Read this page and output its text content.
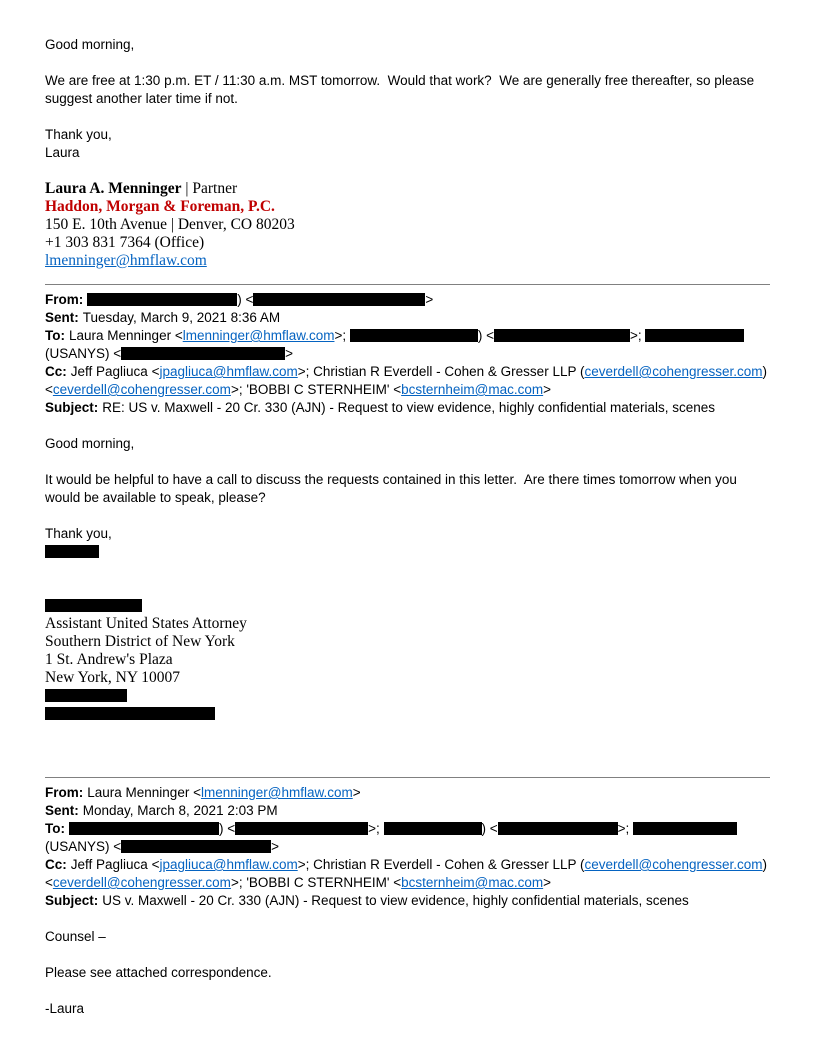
Good morning,
We are free at 1:30 p.m. ET / 11:30 a.m. MST tomorrow.  Would that work?  We are generally free thereafter, so please suggest another later time if not.
Thank you,
Laura
Laura A. Menninger | Partner
Haddon, Morgan & Foreman, P.C.
150 E. 10th Avenue | Denver, CO 80203
+1 303 831 7364 (Office)
lmenninger@hmflaw.com
From:	) <	>
Sent: Tuesday, March 9, 2021 8:36 AM
To: Laura Menninger <lmenninger@hmflaw.com>;	) <	>;
(USANYS) <	>
Cc: Jeff Pagliuca <jpagliuca@hmflaw.com>; Christian R Everdell - Cohen & Gresser LLP (ceverdell@cohengresser.com)
<ceverdell@cohengresser.com>; 'BOBBI C STERNHEIM' <bcsternheim@mac.com>
Subject: RE: US v. Maxwell - 20 Cr. 330 (AJN) - Request to view evidence, highly confidential materials, scenes
Good morning,
It would be helpful to have a call to discuss the requests contained in this letter.  Are there times tomorrow when you would be available to speak, please?
Thank you,
Assistant United States Attorney
Southern District of New York
1 St. Andrew's Plaza
New York, NY 10007
From: Laura Menninger <lmenninger@hmflaw.com>
Sent: Monday, March 8, 2021 2:03 PM
To:	) <	>;	) <	>;
(USANYS) <	>
Cc: Jeff Pagliuca <jpagliuca@hmflaw.com>; Christian R Everdell - Cohen & Gresser LLP (ceverdell@cohengresser.com)
<ceverdell@cohengresser.com>; 'BOBBI C STERNHEIM' <bcsternheim@mac.com>
Subject: US v. Maxwell - 20 Cr. 330 (AJN) - Request to view evidence, highly confidential materials, scenes
Counsel –
Please see attached correspondence.
-Laura
